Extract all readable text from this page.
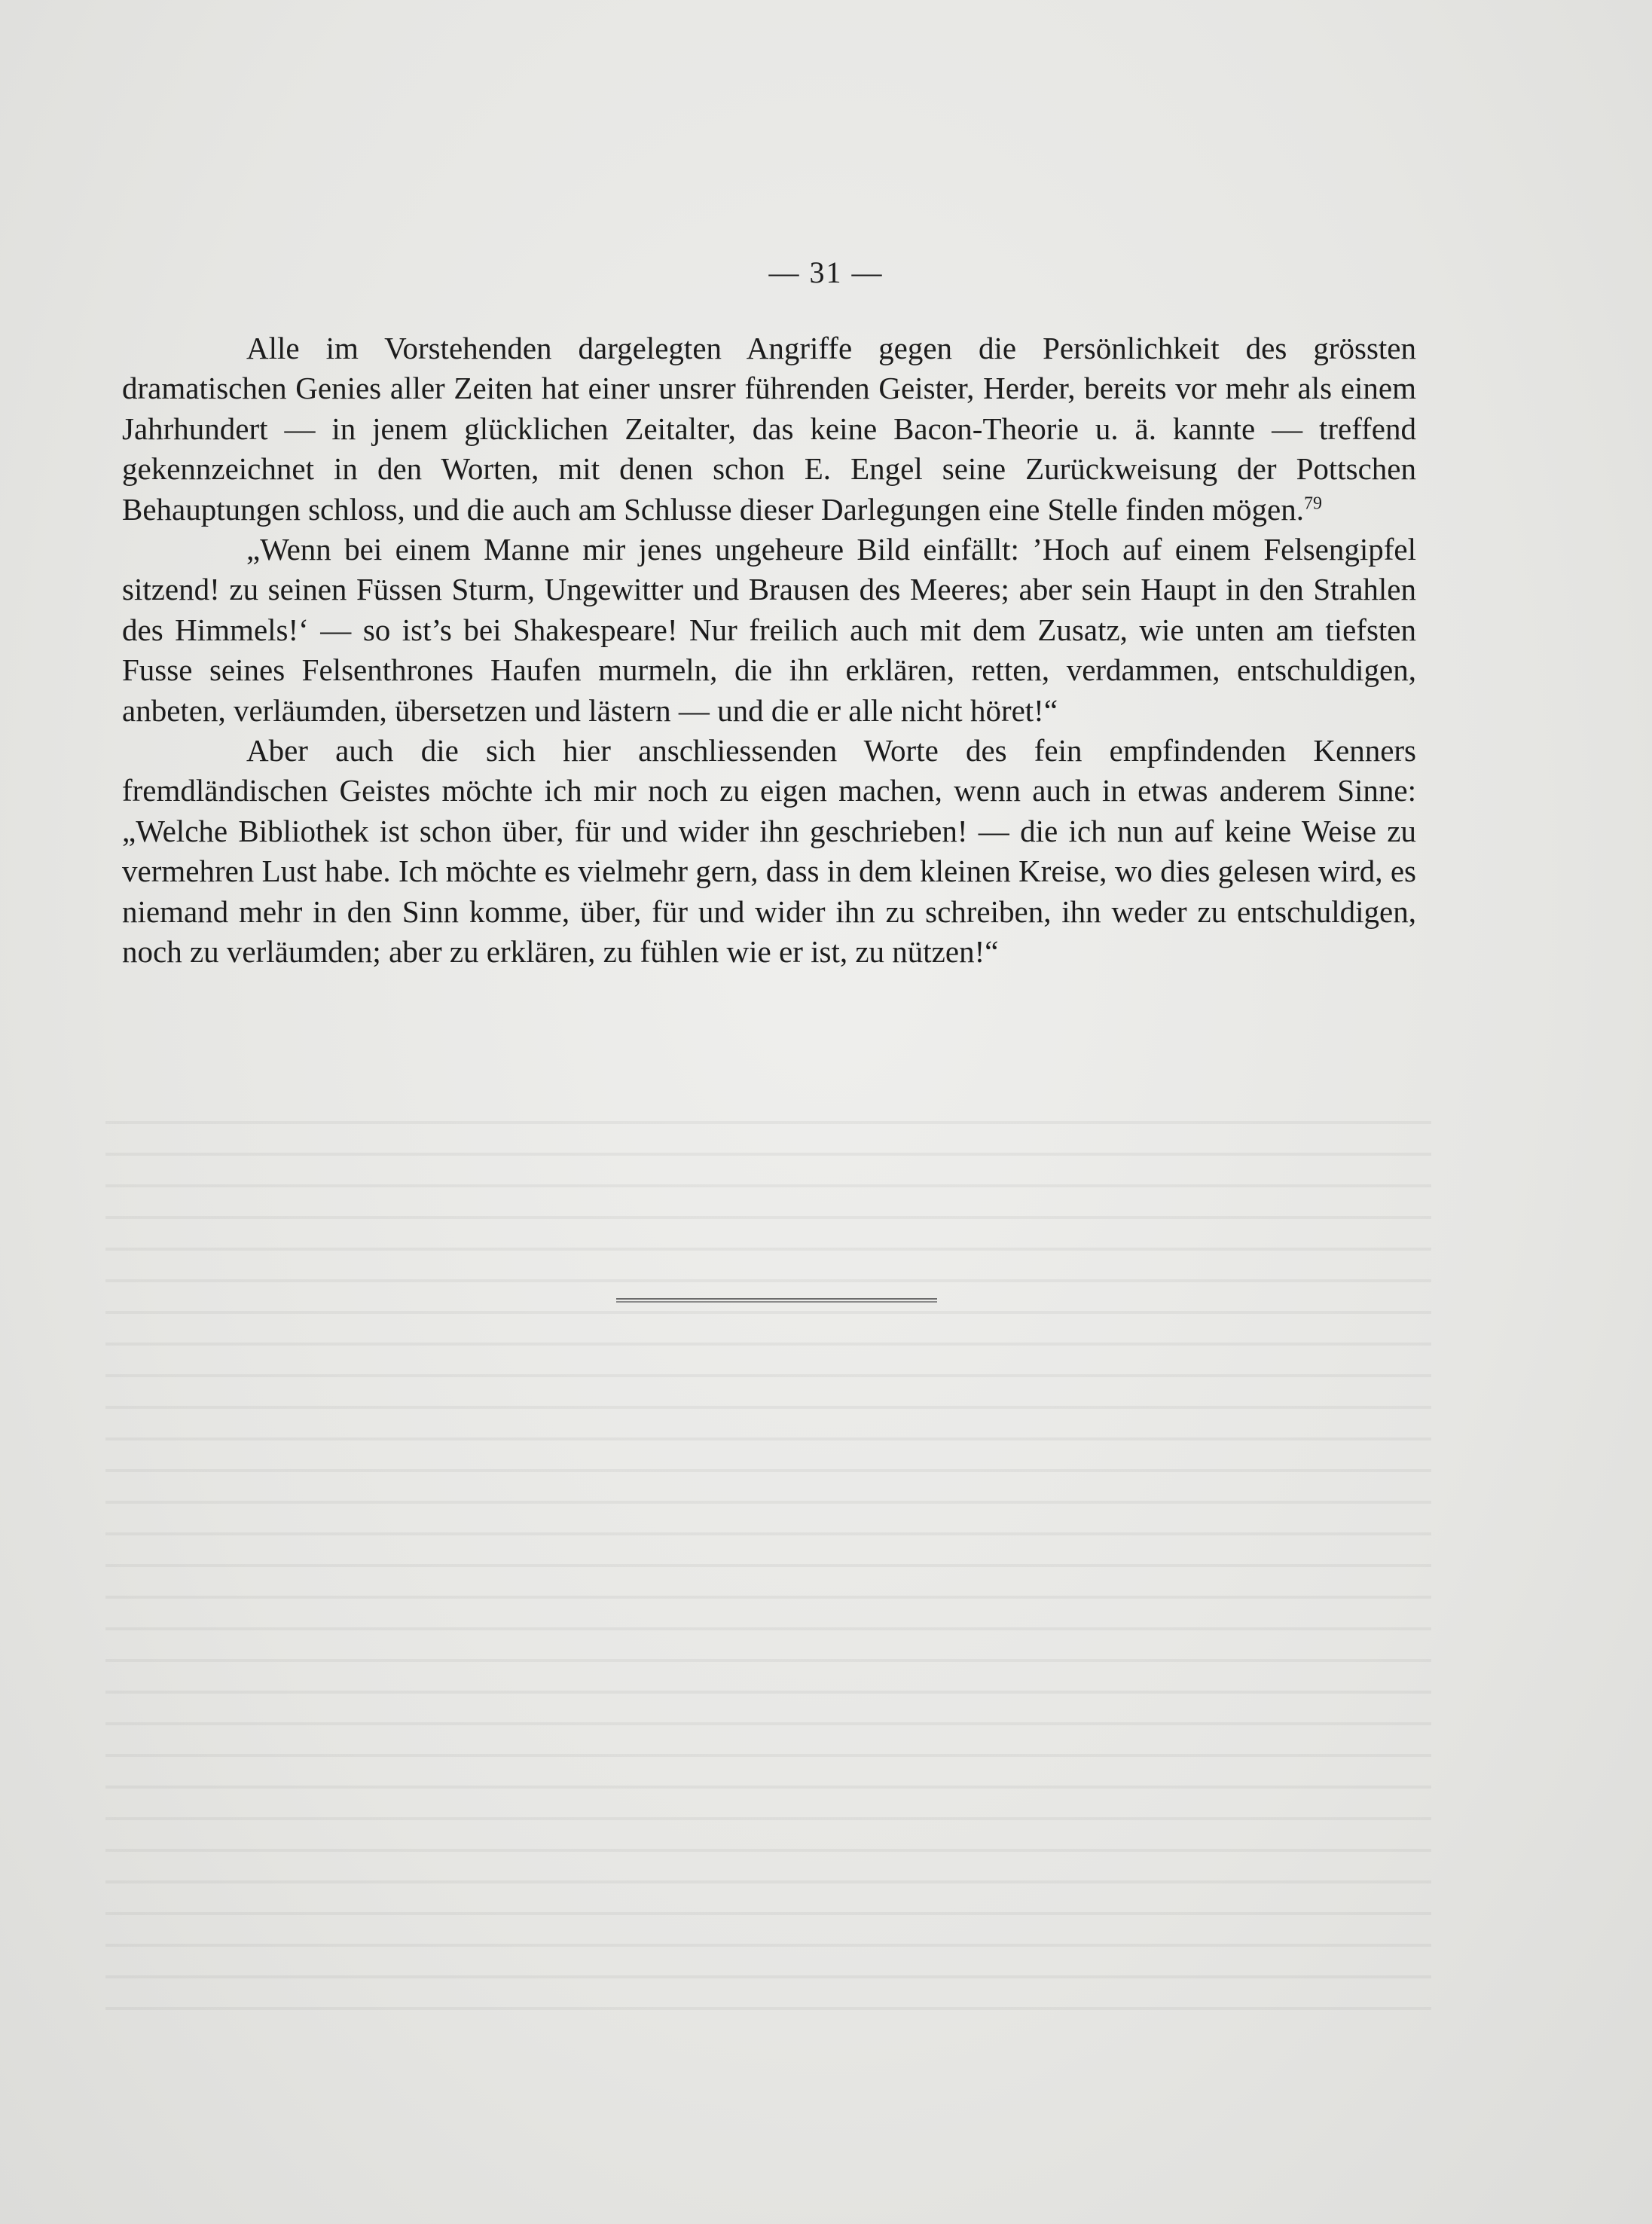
— 31 —

Alle im Vorstehenden dargelegten Angriffe gegen die Persönlichkeit des grössten dramatischen Genies aller Zeiten hat einer unsrer führenden Geister, Herder, bereits vor mehr als einem Jahrhundert — in jenem glücklichen Zeitalter, das keine Bacon-Theorie u. ä. kannte — treffend gekennzeichnet in den Worten, mit denen schon E. Engel seine Zurückweisung der Pottschen Behauptungen schloss, und die auch am Schlusse dieser Darlegungen eine Stelle finden mögen.$^{79}$

„Wenn bei einem Manne mir jenes ungeheure Bild einfällt: ’Hoch auf einem Felsengipfel sitzend! zu seinen Füssen Sturm, Ungewitter und Brausen des Meeres; aber sein Haupt in den Strahlen des Himmels!‘ — so ist’s bei Shakespeare! Nur freilich auch mit dem Zusatz, wie unten am tiefsten Fusse seines Felsenthrones Haufen murmeln, die ihn erklären, retten, verdammen, entschuldigen, anbeten, verläumden, übersetzen und lästern — und die er alle nicht höret!“

Aber auch die sich hier anschliessenden Worte des fein empfindenden Kenners fremdländischen Geistes möchte ich mir noch zu eigen machen, wenn auch in etwas anderem Sinne: „Welche Bibliothek ist schon über, für und wider ihn geschrieben! — die ich nun auf keine Weise zu vermehren Lust habe. Ich möchte es vielmehr gern, dass in dem kleinen Kreise, wo dies gelesen wird, es niemand mehr in den Sinn komme, über, für und wider ihn zu schreiben, ihn weder zu entschuldigen, noch zu verläumden; aber zu erklären, zu fühlen wie er ist, zu nützen!“
